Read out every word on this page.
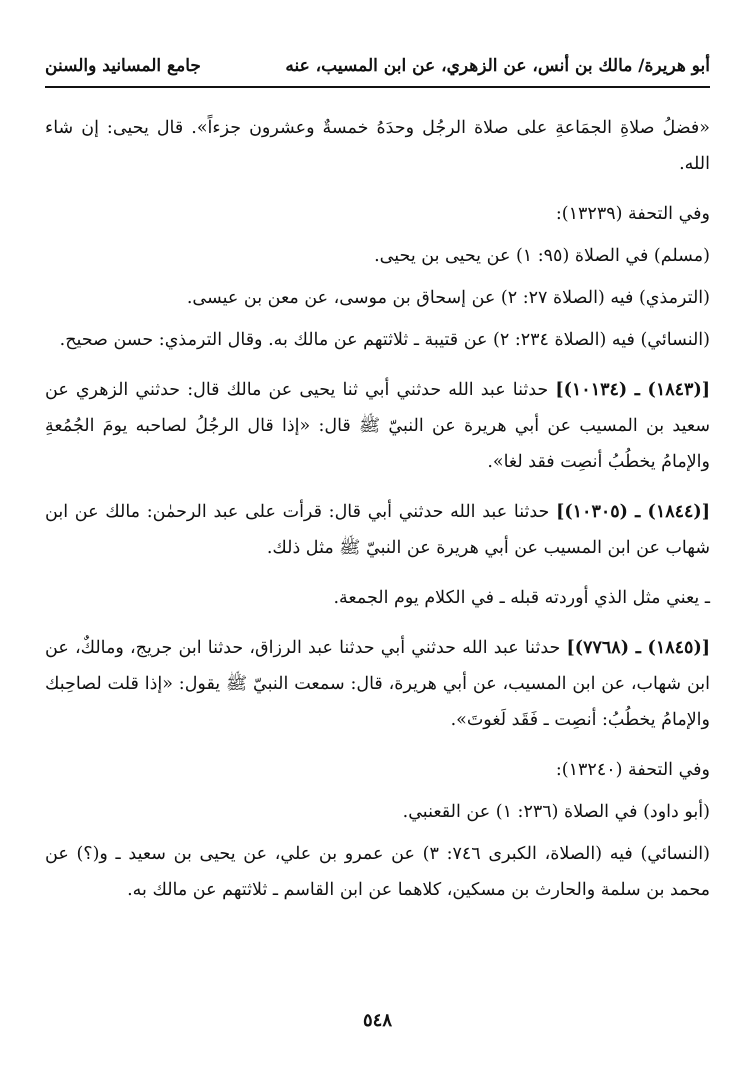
أبو هريرة/ مالك بن أنس، عن الزهري، عن ابن المسيب، عنه
جامع المسانيد والسنن

«فضلُ صلاةِ الجمَاعةِ على صلاة الرجُل وحدَهُ خمسةٌ وعشرون جزءاً». قال يحيى: إن شاء الله.

وفي التحفة (١٣٢٣٩):

(مسلم) في الصلاة (٩٥: ١) عن يحيى بن يحيى.

(الترمذي) فيه (الصلاة ٢٧: ٢) عن إسحاق بن موسى، عن معن بن عيسى.

(النسائي) فيه (الصلاة ٢٣٤: ٢) عن قتيبة ـ ثلاثتهم عن مالك به. وقال الترمذي: حسن صحيح.

[(١٨٤٣) ـ (١٠١٣٤)] حدثنا عبد الله حدثني أبي ثنا يحيى عن مالك قال: حدثني الزهري عن سعيد بن المسيب عن أبي هريرة عن النبيّ ﷺ قال: «إذا قال الرجُلُ لصاحبه يومَ الجُمُعةِ والإمامُ يخطُبُ أنصِت فقد لغا».

[(١٨٤٤) ـ (١٠٣٠٥)] حدثنا عبد الله حدثني أبي قال: قرأت على عبد الرحمٰن: مالك عن ابن شهاب عن ابن المسيب عن أبي هريرة عن النبيّ ﷺ مثل ذلك.

ـ يعني مثل الذي أوردته قبله ـ في الكلام يوم الجمعة.

[(١٨٤٥) ـ (٧٧٦٨)] حدثنا عبد الله حدثني أبي حدثنا عبد الرزاق، حدثنا ابن جريج، ومالكٌ، عن ابن شهاب، عن ابن المسيب، عن أبي هريرة، قال: سمعت النبيّ ﷺ يقول: «إذا قلت لصاحِبك والإمامُ يخطُبُ: أنصِت ـ فَقَد لَغوتَ».

وفي التحفة (١٣٢٤٠):

(أبو داود) في الصلاة (٢٣٦: ١) عن القعنبي.

(النسائي) فيه (الصلاة، الكبرى ٧٤٦: ٣) عن عمرو بن علي، عن يحيى بن سعيد ـ و(؟) عن محمد بن سلمة والحارث بن مسكين، كلاهما عن ابن القاسم ـ ثلاثتهم عن مالك به.

٥٤٨
